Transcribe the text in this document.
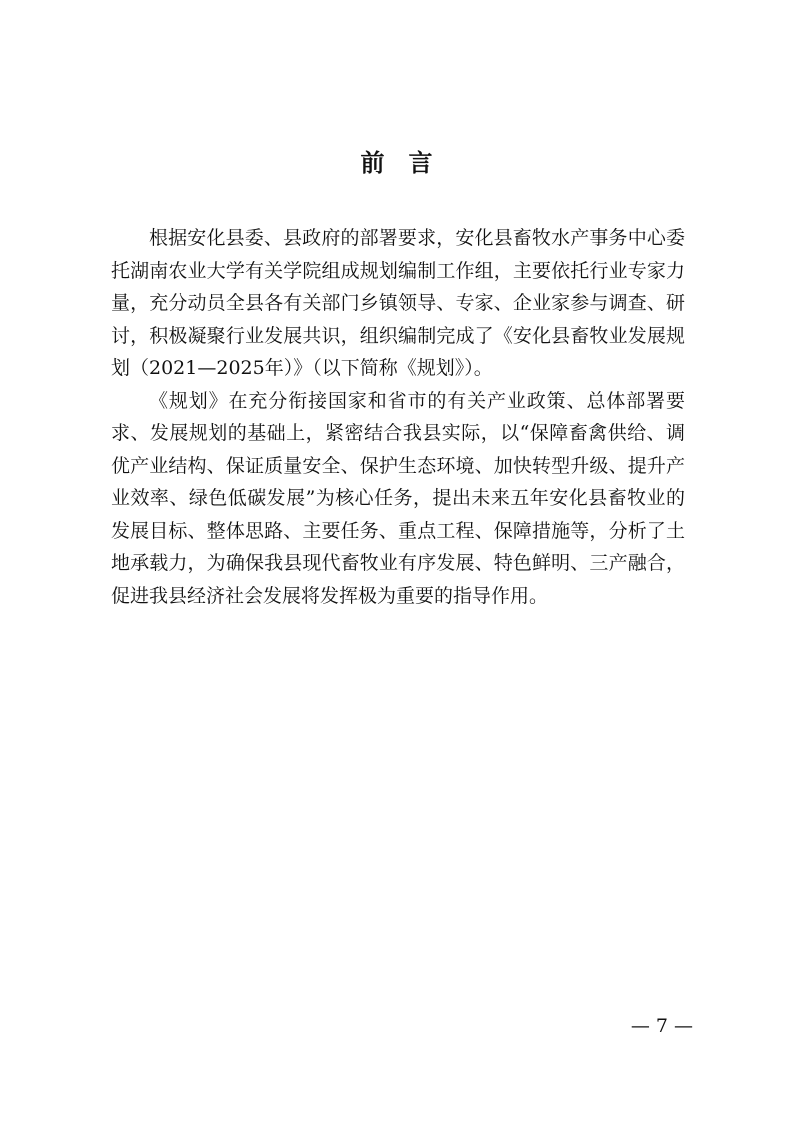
前言

根据安化县委、县政府的部署要求，安化县畜牧水产事务中心委托湖南农业大学有关学院组成规划编制工作组，主要依托行业专家力量，充分动员全县各有关部门乡镇领导、专家、企业家参与调查、研讨，积极凝聚行业发展共识，组织编制完成了《安化县畜牧业发展规划（2021—2025年）》（以下简称《规划》）。

《规划》在充分衔接国家和省市的有关产业政策、总体部署要求、发展规划的基础上，紧密结合我县实际，以“保障畜禽供给、调优产业结构、保证质量安全、保护生态环境、加快转型升级、提升产业效率、绿色低碳发展”为核心任务，提出未来五年安化县畜牧业的发展目标、整体思路、主要任务、重点工程、保障措施等，分析了土地承载力，为确保我县现代畜牧业有序发展、特色鲜明、三产融合，促进我县经济社会发展将发挥极为重要的指导作用。

— 7 —
